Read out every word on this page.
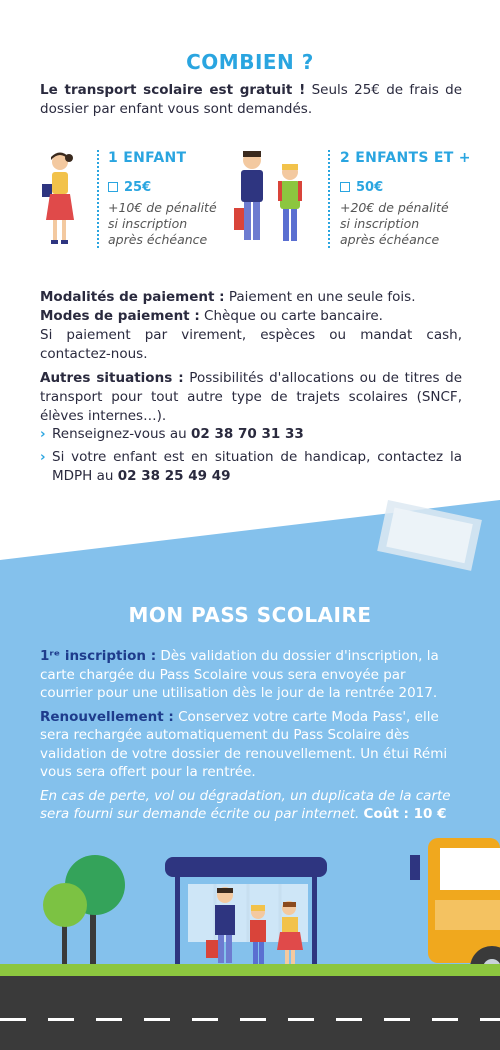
COMBIEN ?
Le transport scolaire est gratuit ! Seuls 25€ de frais de dossier par enfant vous sont demandés.
1 ENFANT
25€
+10€ de pénalité
si inscription
après échéance
2 ENFANTS ET +
50€
+20€ de pénalité
si inscription
après échéance

Modalités de paiement : Paiement en une seule fois.

Modes de paiement : Chèque ou carte bancaire.

Si paiement par virement, espèces ou mandat cash, contactez-nous.

Autres situations : Possibilités d'allocations ou de titres de transport pour tout autre type de trajets scolaires (SNCF, élèves internes…).

› Renseignez-vous au 02 38 70 31 33
› Si votre enfant est en situation de handicap, contactez la MDPH au 02 38 25 49 49
MON PASS SCOLAIRE

1ʳᵉ inscription : Dès validation du dossier d'inscription, la carte chargée du Pass Scolaire vous sera envoyée par courrier pour une utilisation dès le jour de la rentrée 2017.

Renouvellement : Conservez votre carte Moda Pass', elle sera rechargée automatiquement du Pass Scolaire dès validation de votre dossier de renouvellement. Un étui Rémi vous sera offert pour la rentrée.

En cas de perte, vol ou dégradation, un duplicata de la carte sera fourni sur demande écrite ou par internet. Coût : 10 €
